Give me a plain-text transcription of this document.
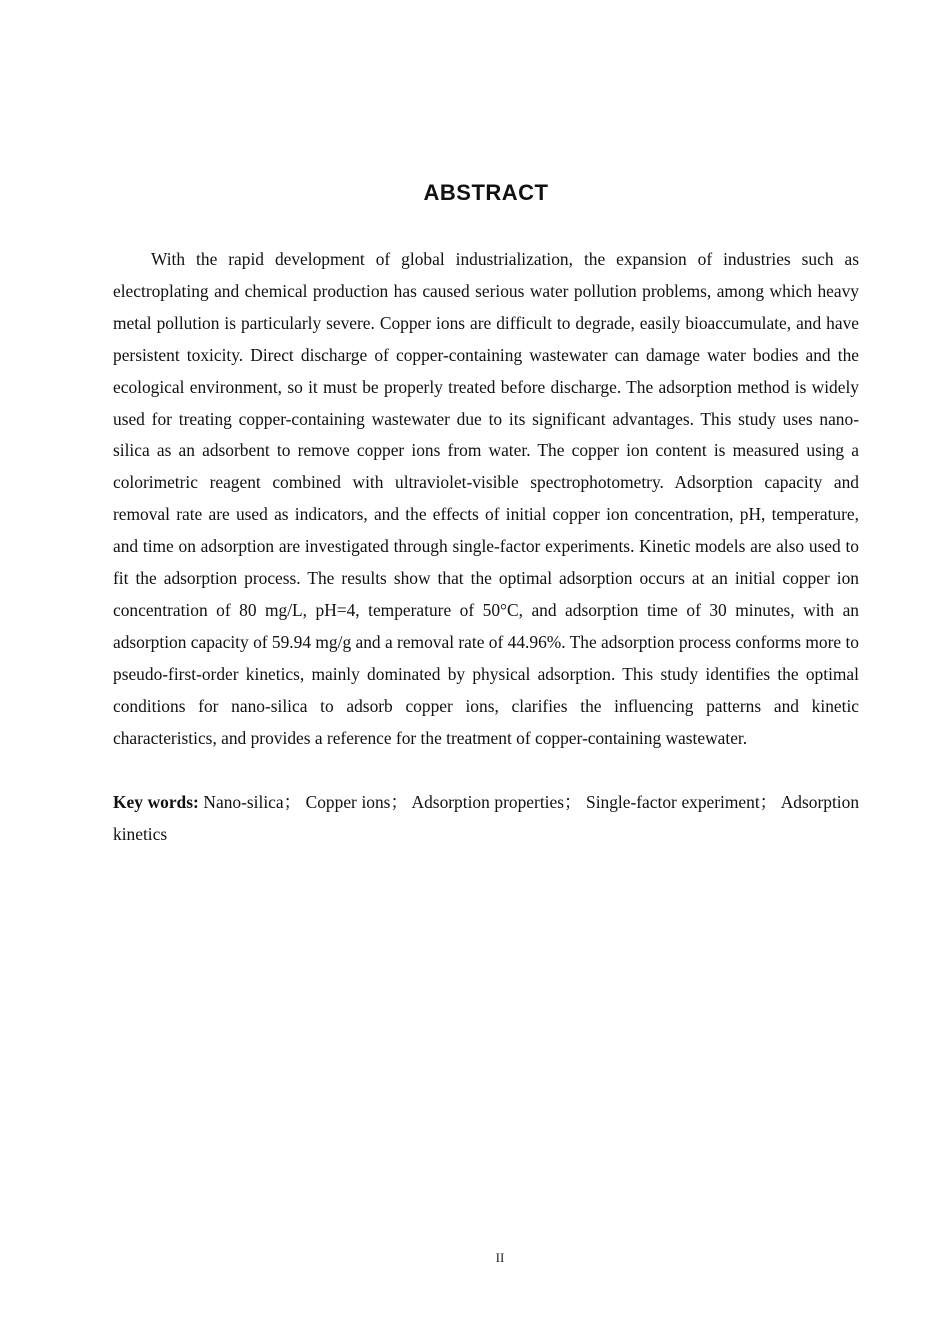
ABSTRACT

With the rapid development of global industrialization, the expansion of industries such as electroplating and chemical production has caused serious water pollution problems, among which heavy metal pollution is particularly severe. Copper ions are difficult to degrade, easily bioaccumulate, and have persistent toxicity. Direct discharge of copper-containing wastewater can damage water bodies and the ecological environment, so it must be properly treated before discharge. The adsorption method is widely used for treating copper-containing wastewater due to its significant advantages. This study uses nano-silica as an adsorbent to remove copper ions from water. The copper ion content is measured using a colorimetric reagent combined with ultraviolet-visible spectrophotometry. Adsorption capacity and removal rate are used as indicators, and the effects of initial copper ion concentration, pH, temperature, and time on adsorption are investigated through single-factor experiments. Kinetic models are also used to fit the adsorption process. The results show that the optimal adsorption occurs at an initial copper ion concentration of 80 mg/L, pH=4, temperature of 50°C, and adsorption time of 30 minutes, with an adsorption capacity of 59.94 mg/g and a removal rate of 44.96%. The adsorption process conforms more to pseudo-first-order kinetics, mainly dominated by physical adsorption. This study identifies the optimal conditions for nano-silica to adsorb copper ions, clarifies the influencing patterns and kinetic characteristics, and provides a reference for the treatment of copper-containing wastewater.

Key words: Nano-silica； Copper ions； Adsorption properties； Single-factor experiment； Adsorption kinetics

II
